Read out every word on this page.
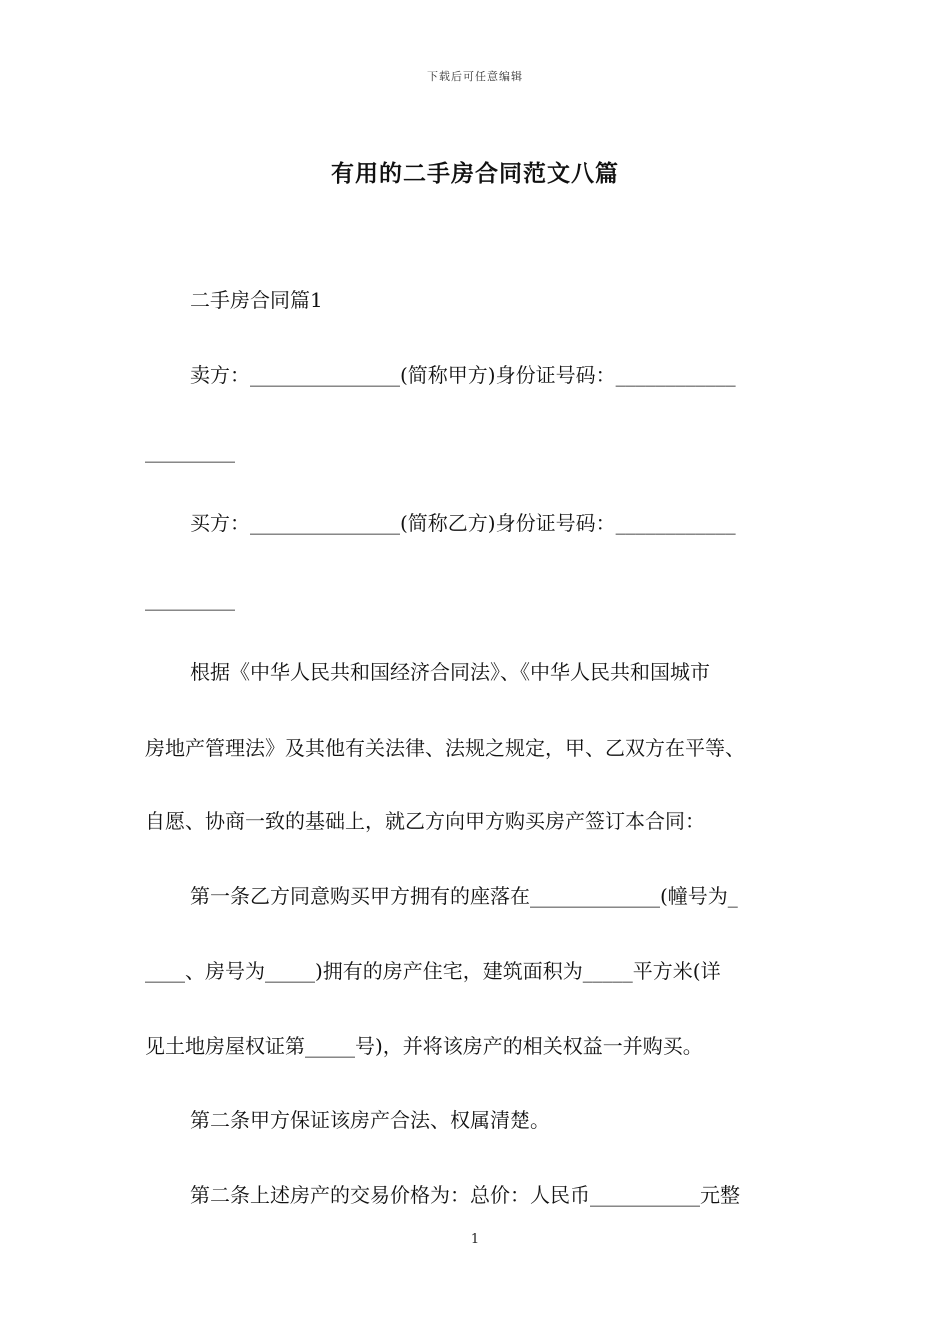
下载后可任意编辑
有用的二手房合同范文八篇

二手房合同篇1

卖方：_______________(简称甲方)身份证号码：____________

_________

买方：_______________(简称乙方)身份证号码：____________

_________

根据《中华人民共和国经济合同法》、《中华人民共和国城市

房地产管理法》及其他有关法律、法规之规定，甲、乙双方在平等、

自愿、协商一致的基础上，就乙方向甲方购买房产签订本合同：

第一条乙方同意购买甲方拥有的座落在_____________(幢号为_

____、房号为_____)拥有的房产住宅，建筑面积为_____平方米(详

见土地房屋权证第_____号)，并将该房产的相关权益一并购买。

第二条甲方保证该房产合法、权属清楚。

第二条上述房产的交易价格为：总价：人民币___________元整

1
